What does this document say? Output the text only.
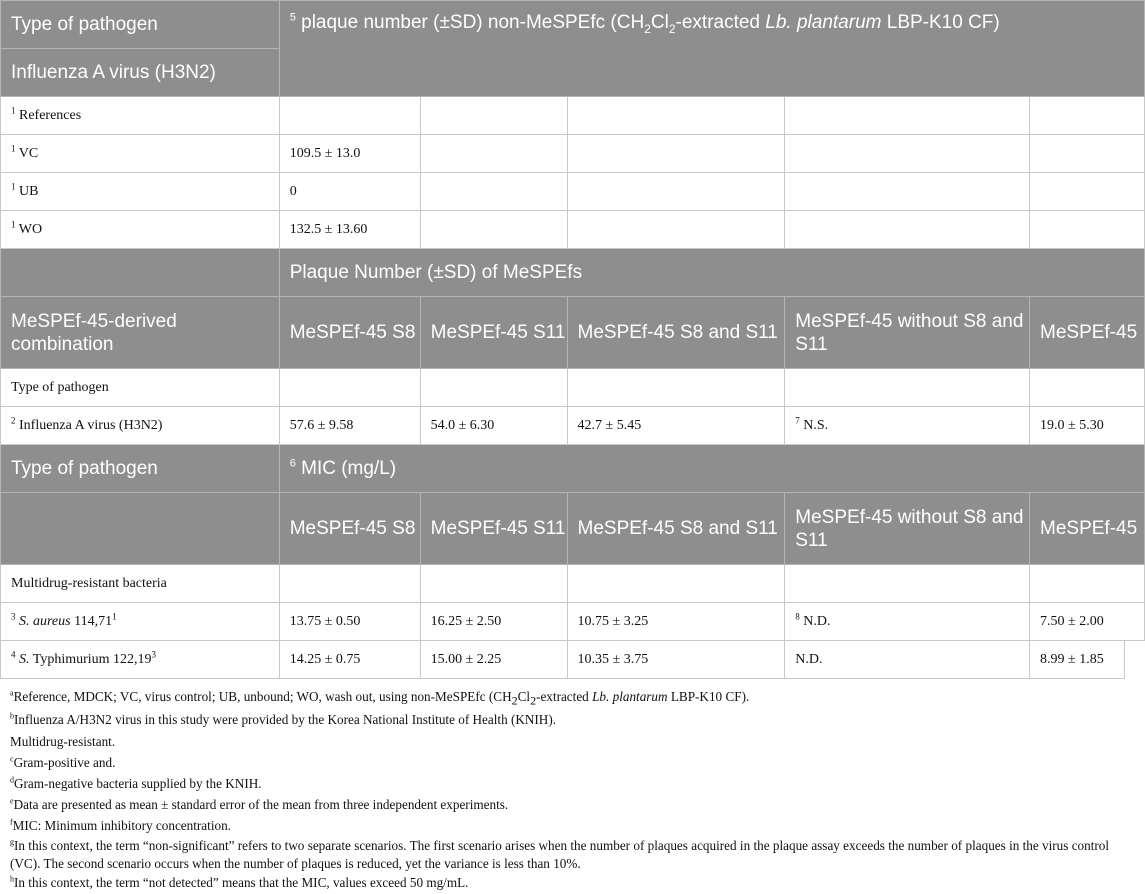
Type of pathogen	$^5$ plaque number (±SD) non-MeSPEfc ($CH_2Cl_2$-extracted Lb. plantarum LBP-K10 CF)					
Influenza A virus (H3N2)						
$^1$ References						
$^1$ VC	109.5 ± 13.0					
$^1$ UB	0					
$^1$ WO	132.5 ± 13.60					
	Plaque Number (±SD) of MeSPEfs					
MeSPEf-45-derived combination	MeSPEf-45 S8	MeSPEf-45 S11	MeSPEf-45 S8 and S11	MeSPEf-45 without S8 and S11	MeSPEf-45	
Type of pathogen						
$^2$ Influenza A virus (H3N2)	57.6 ± 9.58	54.0 ± 6.30	42.7 ± 5.45	$^7$ N.S.	19.0 ± 5.30	
Type of pathogen	$^6$ MIC (mg/L)					
	MeSPEf-45 S8	MeSPEf-45 S11	MeSPEf-45 S8 and S11	MeSPEf-45 without S8 and S11	MeSPEf-45	
Multidrug-resistant bacteria						
$^3$ S. aureus 114,71$^1$	13.75 ± 0.50	16.25 ± 2.50	10.75 ± 3.25	$^8$ N.D.	7.50 ± 2.00	
$^4$ S. Typhimurium 122,19$^3$	14.25 ± 0.75	15.00 ± 2.25	10.35 ± 3.75	N.D.	8.99 ± 1.85	
$^a$Reference, MDCK; VC, virus control; UB, unbound; WO, wash out, using non-MeSPEfc ($CH_2Cl_2$-extracted Lb. plantarum LBP-K10 CF).
$^b$Influenza A/H3N2 virus in this study were provided by the Korea National Institute of Health (KNIH).
Multidrug-resistant.
$^c$Gram-positive and.
$^d$Gram-negative bacteria supplied by the KNIH.
$^e$Data are presented as mean ± standard error of the mean from three independent experiments.
$^f$MIC: Minimum inhibitory concentration.
$^g$In this context, the term “non-significant” refers to two separate scenarios. The first scenario arises when the number of plaques acquired in the plaque assay exceeds the number of plaques in the virus control (VC). The second scenario occurs when the number of plaques is reduced, yet the variance is less than 10%.
$^h$In this context, the term “not detected” means that the MIC, values exceed 50 mg/mL.
